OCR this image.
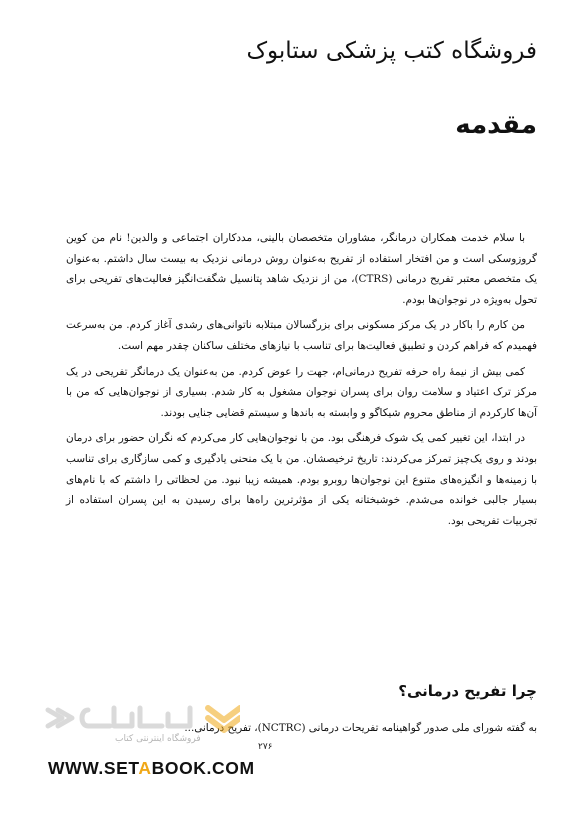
فروشگاه کتب پزشکی ستابوک
مقدمه

با سلام خدمت همکاران درمانگر، مشاوران متخصصان بالینی، مددکاران اجتماعی و والدین! نام من کوین گروزوسکی است و من افتخار استفاده از تفریح به‌عنوان روش درمانی نزدیک به بیست سال داشتم. به‌عنوان یک متخصص معتبر تفریح درمانی (CTRS)، من از نزدیک شاهد پتانسیل شگفت‌انگیز فعالیت‌های تفریحی برای تحول به‌ویژه در نوجوان‌ها بودم.

من کارم را باکار در یک مرکز مسکونی برای بزرگسالان مبتلابه ناتوانی‌های رشدی آغاز کردم. من به‌سرعت فهمیدم که فراهم کردن و تطبیق فعالیت‌ها برای تناسب با نیازهای مختلف ساکنان چقدر مهم است.

کمی بیش از نیمهٔ راه حرفه تفریح درمانی‌ام، جهت را عوض کردم. من به‌عنوان یک درمانگر تفریحی در یک مرکز ترک اعتیاد و سلامت روان برای پسران نوجوان مشغول به کار شدم. بسیاری از نوجوان‌هایی که من با آن‌ها کارکردم از مناطق محروم شیکاگو و وابسته به باندها و سیستم قضایی جنایی بودند.

در ابتدا، این تغییر کمی یک شوک فرهنگی بود. من با نوجوان‌هایی کار می‌کردم که نگران حضور برای درمان بودند و روی یک‌چیز تمرکز می‌کردند: تاریخ ترخیصشان. من با یک منحنی یادگیری و کمی سازگاری برای تناسب با زمینه‌ها و انگیزه‌های متنوع این نوجوان‌ها روبرو بودم. همیشه زیبا نبود. من لحظاتی را داشتم که با نام‌های بسیار جالبی خوانده می‌شدم. خوشبختانه یکی از مؤثرترین راه‌ها برای رسیدن به این پسران استفاده از تجربیات تفریحی بود.

چرا تفریح درمانی؟
به گفته شورای ملی صدور گواهینامه تفریحات درمانی (NCTRC)، تفریح درمانی...
۲۷۶
فروشگاه اینترنتی کتاب
WWW.SETABOOK.COM
